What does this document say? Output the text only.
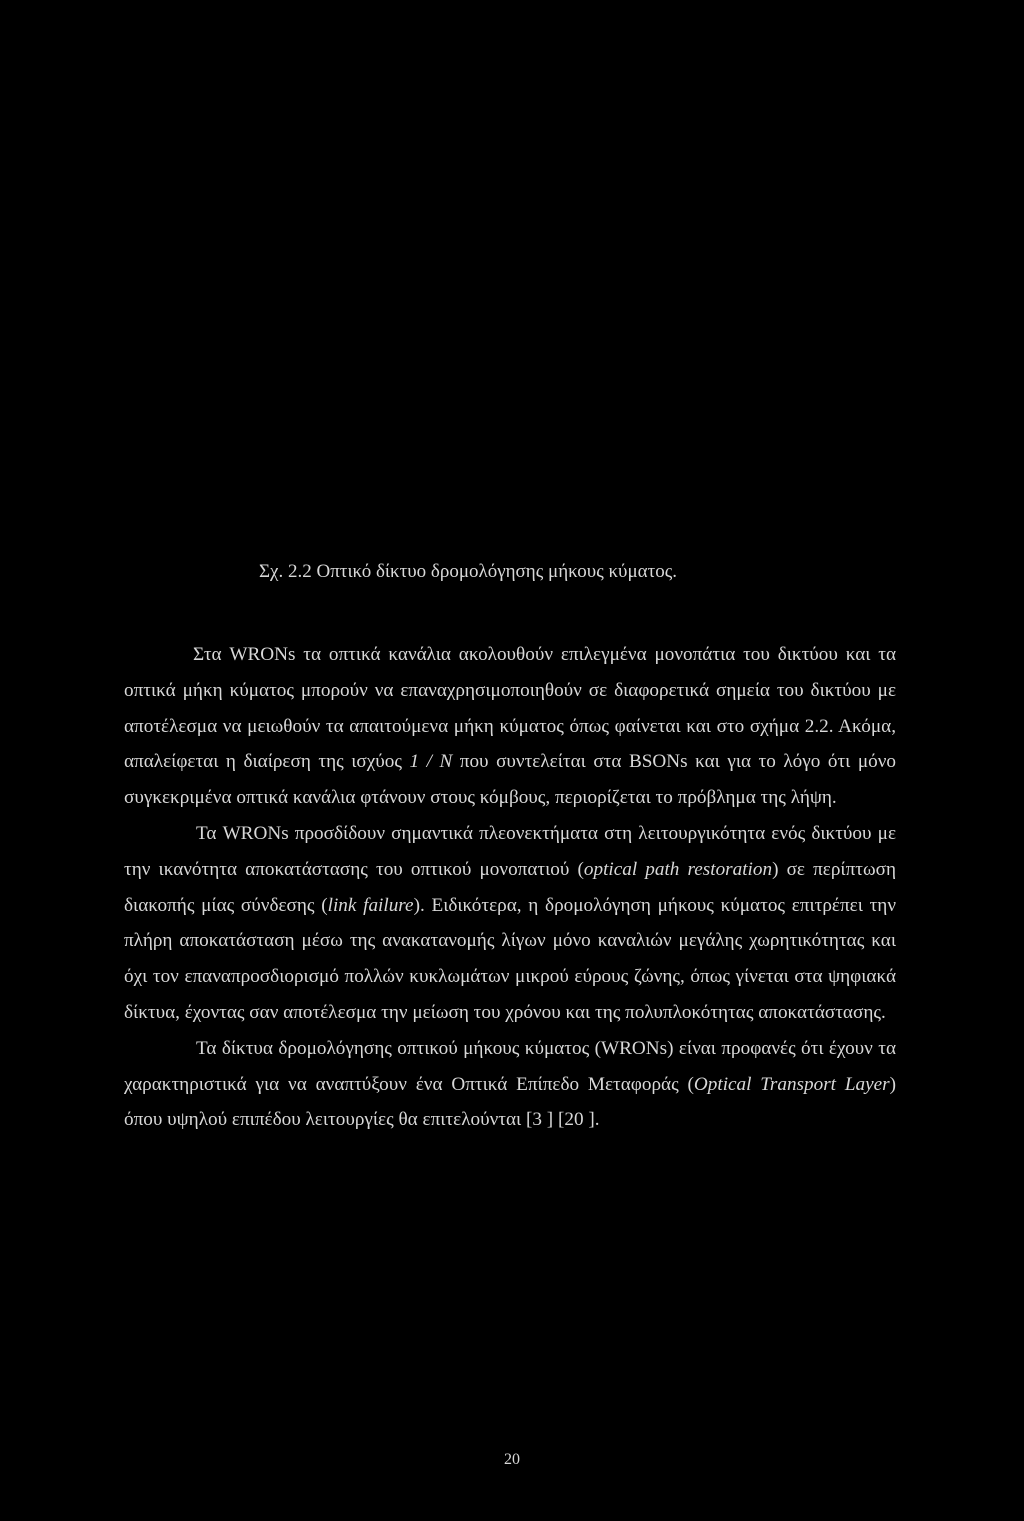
Σχ. 2.2 Οπτικό δίκτυο δρομολόγησης μήκους κύματος.

Στα WRONs τα οπτικά κανάλια ακολουθούν επιλεγμένα μονοπάτια του δικτύου και τα οπτικά μήκη κύματος μπορούν να επαναχρησιμοποιηθούν σε διαφορετικά σημεία του δικτύου με αποτέλεσμα να μειωθούν τα απαιτούμενα μήκη κύματος όπως φαίνεται και στο σχήμα 2.2. Ακόμα, απαλείφεται η διαίρεση της ισχύος 1 / N που συντελείται στα BSONs και για το λόγο ότι μόνο συγκεκριμένα οπτικά κανάλια φτάνουν στους κόμβους, περιορίζεται το πρόβλημα της λήψη.

Τα WRONs προσδίδουν σημαντικά πλεονεκτήματα στη λειτουργικότητα ενός δικτύου με την ικανότητα αποκατάστασης του οπτικού μονοπατιού (optical path restoration) σε περίπτωση διακοπής μίας σύνδεσης (link failure). Ειδικότερα, η δρομολόγηση μήκους κύματος επιτρέπει την πλήρη αποκατάσταση μέσω της ανακατανομής λίγων μόνο καναλιών μεγάλης χωρητικότητας και όχι τον επαναπροσδιορισμό πολλών κυκλωμάτων μικρού εύρους ζώνης, όπως γίνεται στα ψηφιακά δίκτυα, έχοντας σαν αποτέλεσμα την μείωση του χρόνου και της πολυπλοκότητας αποκατάστασης.

Τα δίκτυα δρομολόγησης οπτικού μήκους κύματος (WRONs) είναι προφανές ότι έχουν τα χαρακτηριστικά για να αναπτύξουν ένα Οπτικά Επίπεδο Μεταφοράς (Optical Transport Layer) όπου υψηλού επιπέδου λειτουργίες θα επιτελούνται [3 ] [20 ].

20
